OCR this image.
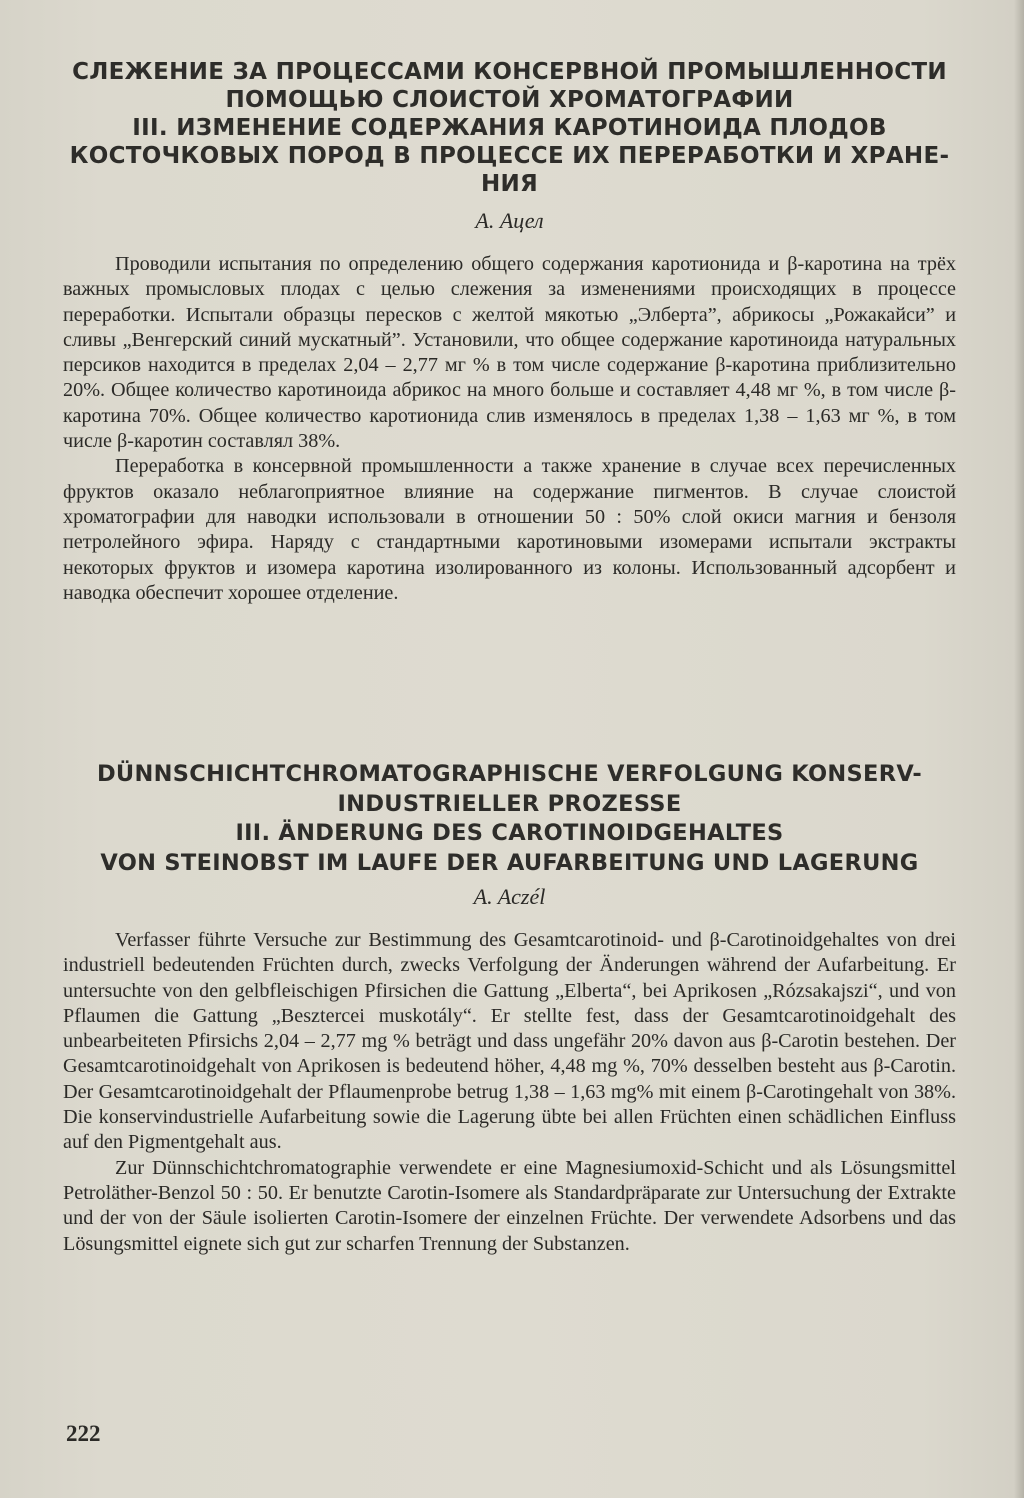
СЛЕЖЕНИЕ ЗА ПРОЦЕССАМИ КОНСЕРВНОЙ ПРОМЫШЛЕННОСТИ
ПОМОЩЬЮ СЛОИСТОЙ ХРОМАТОГРАФИИ
III. ИЗМЕНЕНИЕ СОДЕРЖАНИЯ КАРОТИНОИДА ПЛОДОВ
КОСТОЧКОВЫХ ПОРОД В ПРОЦЕССЕ ИХ ПЕРЕРАБОТКИ И ХРАНЕ-
НИЯ
А. Ацел

Проводили испытания по определению общего содержания каротионида и β-каротина на трёх важных промысловых плодах с целью слежения за изменениями происходящих в процессе переработки. Испытали образцы пересков с желтой мякотью „Элберта”, абрикосы „Рожакайси” и сливы „Венгерский синий мускатный”. Установили, что общее содержание каротиноида натуральных персиков находится в пределах 2,04 – 2,77 мг % в том числе содержание β-каротина приблизительно 20%. Общее количество каротиноида абрикос на много больше и составляет 4,48 мг %, в том числе β-каротина 70%. Общее количество каротионида слив изменялось в пределах 1,38 – 1,63 мг %, в том числе β-каротин составлял 38%.

Переработка в консервной промышленности а также хранение в случае всех перечисленных фруктов оказало неблагоприятное влияние на содержание пигментов. В случае слоистой хроматографии для наводки использовали в отношении 50 : 50% слой окиси магния и бензоля петролейного эфира. Наряду с стандартными каротиновыми изомерами испытали экстракты некоторых фруктов и изомера каротина изолированного из колоны. Использованный адсорбент и наводка обеспечит хорошее отделение.

DÜNNSCHICHTCHROMATOGRAPHISCHE VERFOLGUNG KONSERV-
INDUSTRIELLER PROZESSE
III. ÄNDERUNG DES CAROTINOIDGEHALTES
VON STEINOBST IM LAUFE DER AUFARBEITUNG UND LAGERUNG
A. Aczél

Verfasser führte Versuche zur Bestimmung des Gesamtcarotinoid- und β-Carotinoidgehaltes von drei industriell bedeutenden Früchten durch, zwecks Verfolgung der Änderungen während der Aufarbeitung. Er untersuchte von den gelbfleischigen Pfirsichen die Gattung „Elberta“, bei Aprikosen „Rózsakajszi“, und von Pflaumen die Gattung „Besztercei muskotály“. Er stellte fest, dass der Gesamtcarotinoidgehalt des unbearbeiteten Pfirsichs 2,04 – 2,77 mg % beträgt und dass ungefähr 20% davon aus β-Carotin bestehen. Der Gesamtcarotinoidgehalt von Aprikosen is bedeutend höher, 4,48 mg %, 70% desselben besteht aus β-Carotin. Der Gesamtcarotinoidgehalt der Pflaumenprobe betrug 1,38 – 1,63 mg% mit einem β-Carotingehalt von 38%. Die konservindustrielle Aufarbeitung sowie die Lagerung übte bei allen Früchten einen schädlichen Einfluss auf den Pigmentgehalt aus.

Zur Dünnschichtchromatographie verwendete er eine Magnesiumoxid-Schicht und als Lösungsmittel Petroläther-Benzol 50 : 50. Er benutzte Carotin-Isomere als Standardpräparate zur Untersuchung der Extrakte und der von der Säule isolierten Carotin-Isomere der einzelnen Früchte. Der verwendete Adsorbens und das Lösungsmittel eignete sich gut zur scharfen Trennung der Substanzen.

222
